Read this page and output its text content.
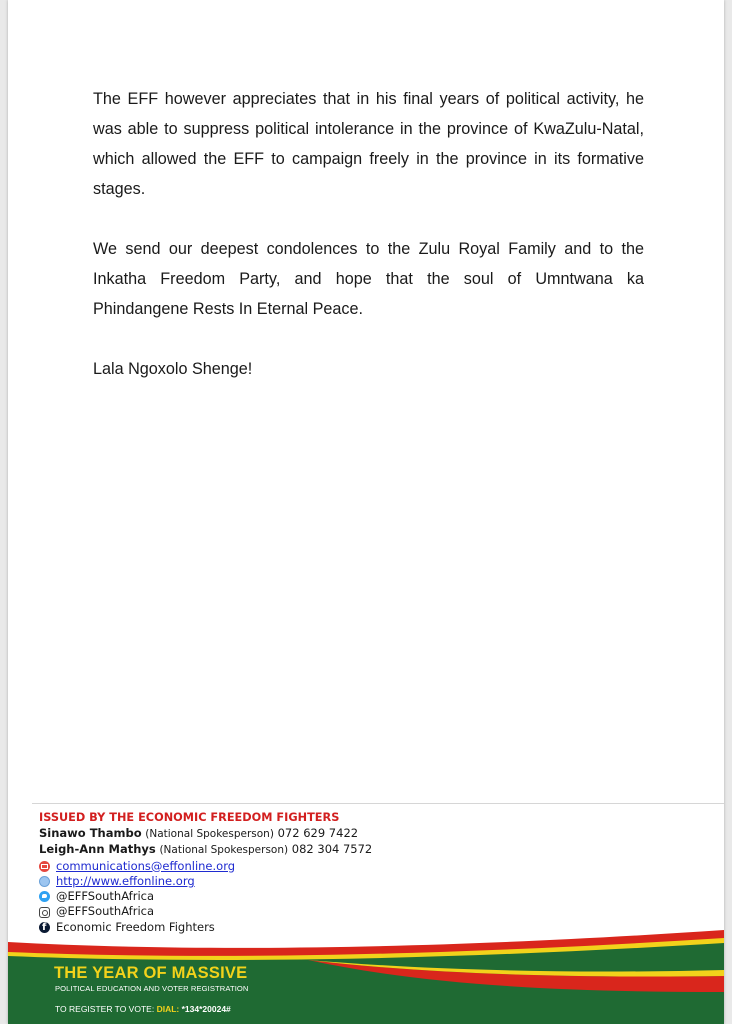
The EFF however appreciates that in his final years of political activity, he was able to suppress political intolerance in the province of KwaZulu-Natal, which allowed the EFF to campaign freely in the province in its formative stages.

We send our deepest condolences to the Zulu Royal Family and to the Inkatha Freedom Party, and hope that the soul of Umntwana ka Phindangene Rests In Eternal Peace.

Lala Ngoxolo Shenge!

ISSUED BY THE ECONOMIC FREEDOM FIGHTERS
Sinawo Thambo (National Spokesperson) 072 629 7422
Leigh-Ann Mathys (National Spokesperson) 082 304 7572
communications@effonline.org
http://www.effonline.org
@EFFSouthAfrica
@EFFSouthAfrica
f
Economic Freedom Fighters
THE YEAR OF MASSIVE
POLITICAL EDUCATION AND VOTER REGISTRATION
TO REGISTER TO VOTE: DIAL: *134*20024#
